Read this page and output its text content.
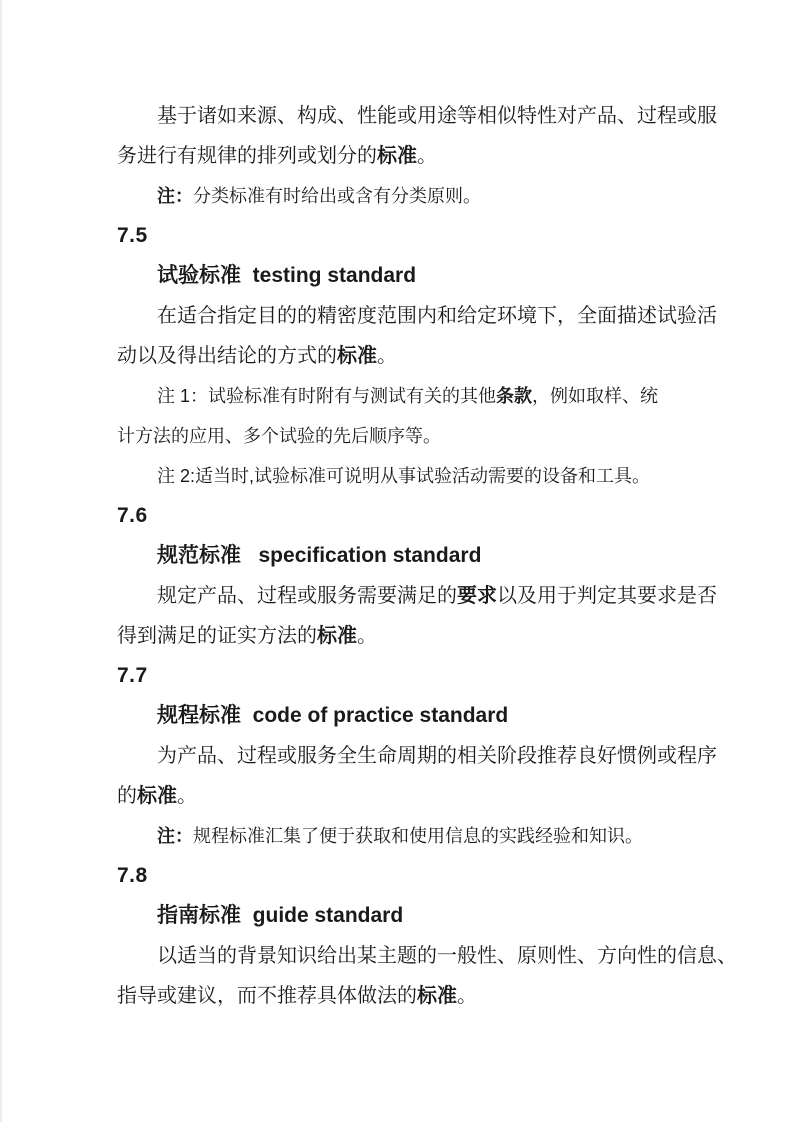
基于诸如来源、构成、性能或用途等相似特性对产品、过程或服
务进行有规律的排列或划分的标准。
注：分类标准有时给出或含有分类原则。
7.5
试验标准  testing standard
在适合指定目的的精密度范围内和给定环境下，全面描述试验活
动以及得出结论的方式的标准。
注 1：试验标准有时附有与测试有关的其他条款，例如取样、统
计方法的应用、多个试验的先后顺序等。
注 2:适当时,试验标准可说明从事试验活动需要的设备和工具。
7.6
规范标准   specification standard
规定产品、过程或服务需要满足的要求以及用于判定其要求是否
得到满足的证实方法的标准。
7.7
规程标准  code of practice standard
为产品、过程或服务全生命周期的相关阶段推荐良好惯例或程序
的标准。
注：规程标准汇集了便于获取和使用信息的实践经验和知识。
7.8
指南标准  guide standard
以适当的背景知识给出某主题的一般性、原则性、方向性的信息、
指导或建议，而不推荐具体做法的标准。
